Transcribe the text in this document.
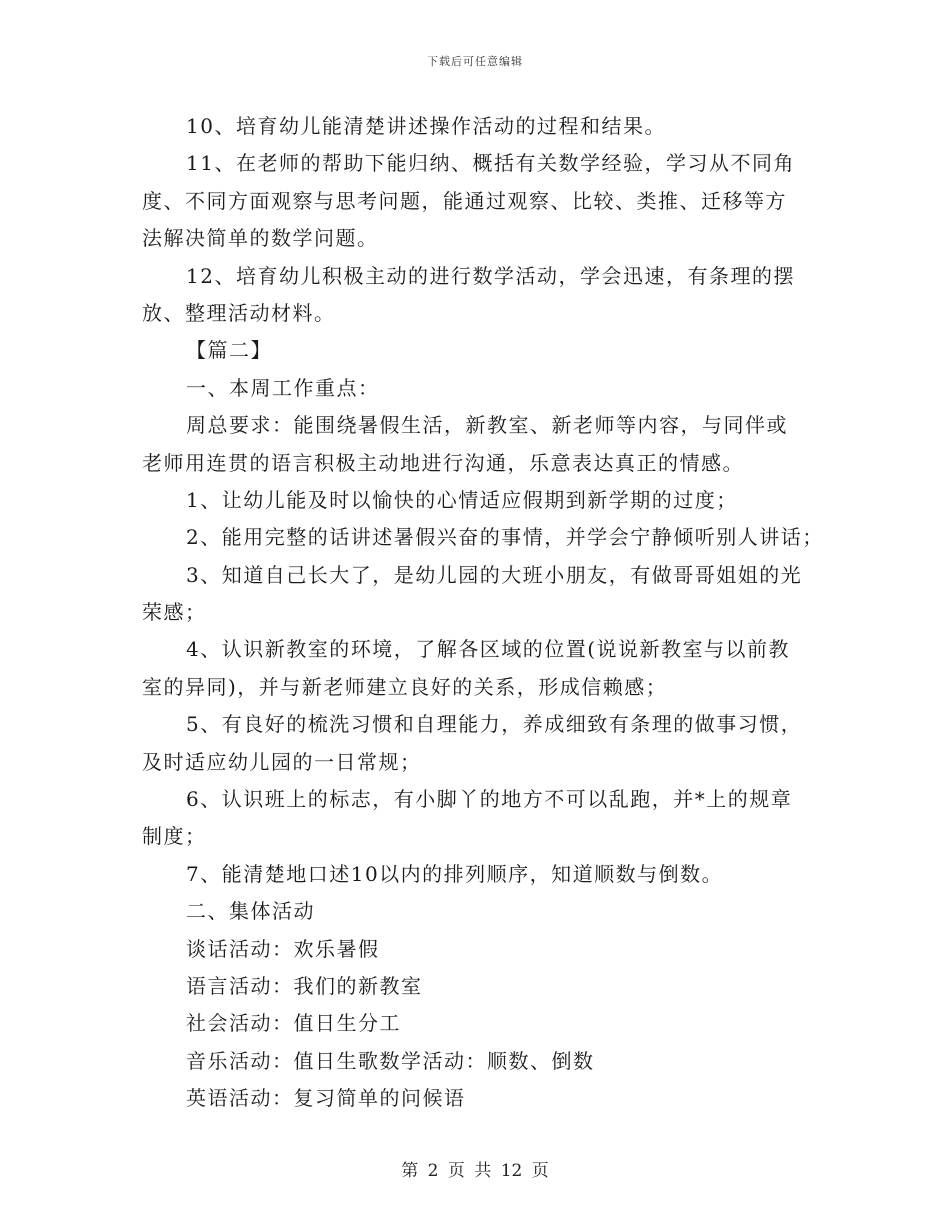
下载后可任意编辑
10、培育幼儿能清楚讲述操作活动的过程和结果。
11、在老师的帮助下能归纳、概括有关数学经验，学习从不同角
度、不同方面观察与思考问题，能通过观察、比较、类推、迁移等方
法解决简单的数学问题。
12、培育幼儿积极主动的进行数学活动，学会迅速，有条理的摆
放、整理活动材料。
【篇二】
一、本周工作重点：
周总要求：能围绕暑假生活，新教室、新老师等内容，与同伴或
老师用连贯的语言积极主动地进行沟通，乐意表达真正的情感。
1、让幼儿能及时以愉快的心情适应假期到新学期的过度；
2、能用完整的话讲述暑假兴奋的事情，并学会宁静倾听别人讲话；
3、知道自己长大了，是幼儿园的大班小朋友，有做哥哥姐姐的光
荣感；
4、认识新教室的环境，了解各区域的位置(说说新教室与以前教
室的异同)，并与新老师建立良好的关系，形成信赖感；
5、有良好的梳洗习惯和自理能力，养成细致有条理的做事习惯，
及时适应幼儿园的一日常规；
6、认识班上的标志，有小脚丫的地方不可以乱跑，并*上的规章
制度；
7、能清楚地口述10以内的排列顺序，知道顺数与倒数。
二、集体活动
谈话活动：欢乐暑假
语言活动：我们的新教室
社会活动：值日生分工
音乐活动：值日生歌数学活动：顺数、倒数
英语活动：复习简单的问候语
第 2 页 共 12 页
